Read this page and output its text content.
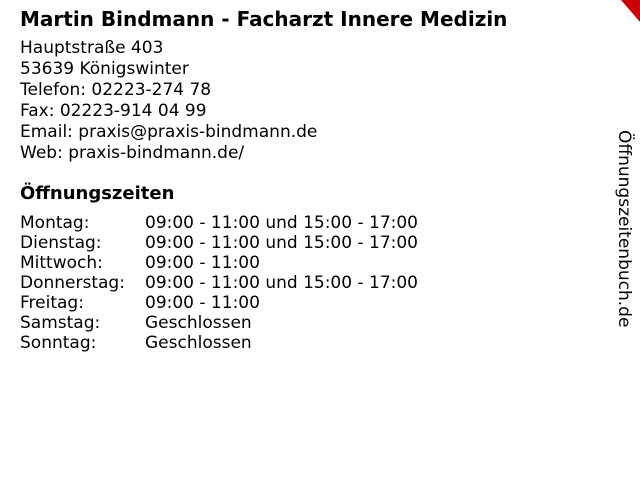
Martin Bindmann - Facharzt Innere Medizin
Hauptstraße 403
53639 Königswinter
Telefon: 02223-274 78
Fax: 02223-914 04 99
Email: praxis@praxis-bindmann.de
Web: praxis-bindmann.de/
Öffnungszeiten
Montag:	09:00 - 11:00 und 15:00 - 17:00
Dienstag:	09:00 - 11:00 und 15:00 - 17:00
Mittwoch: 09:00 - 11:00
Donnerstag: 09:00 - 11:00 und 15:00 - 17:00
Freitag:	09:00 - 11:00
Samstag:	Geschlossen
Sonntag:	Geschlossen
Öffnungszeitenbuch.de
